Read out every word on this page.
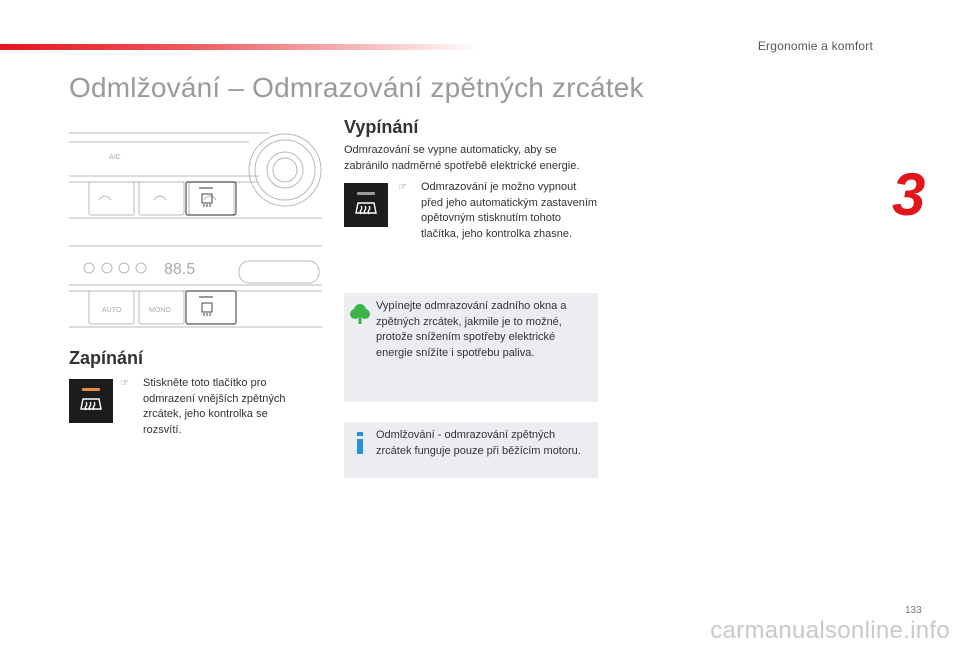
Ergonomie a komfort
3
Odmlžování – Odmrazování zpětných zrcátek
A/C
88.5
AUTO	MONO
Zapínání
☞	Stiskněte toto tlačítko pro odmrazení vnějších zpětných zrcátek, jeho kontrolka se rozsvítí.
Vypínání
Odmrazování se vypne automaticky, aby se zabránilo nadměrné spotřebě elektrické energie.
☞	Odmrazování je možno vypnout před jeho automatickým zastavením opětovným stisknutím tohoto tlačítka, jeho kontrolka zhasne.
Vypínejte odmrazování zadního okna a zpětných zrcátek, jakmile je to možné, protože snížením spotřeby elektrické energie snížíte i spotřebu paliva.
Odmlžování - odmrazování zpětných zrcátek funguje pouze při běžícím motoru.
133
carmanualsonline.info
